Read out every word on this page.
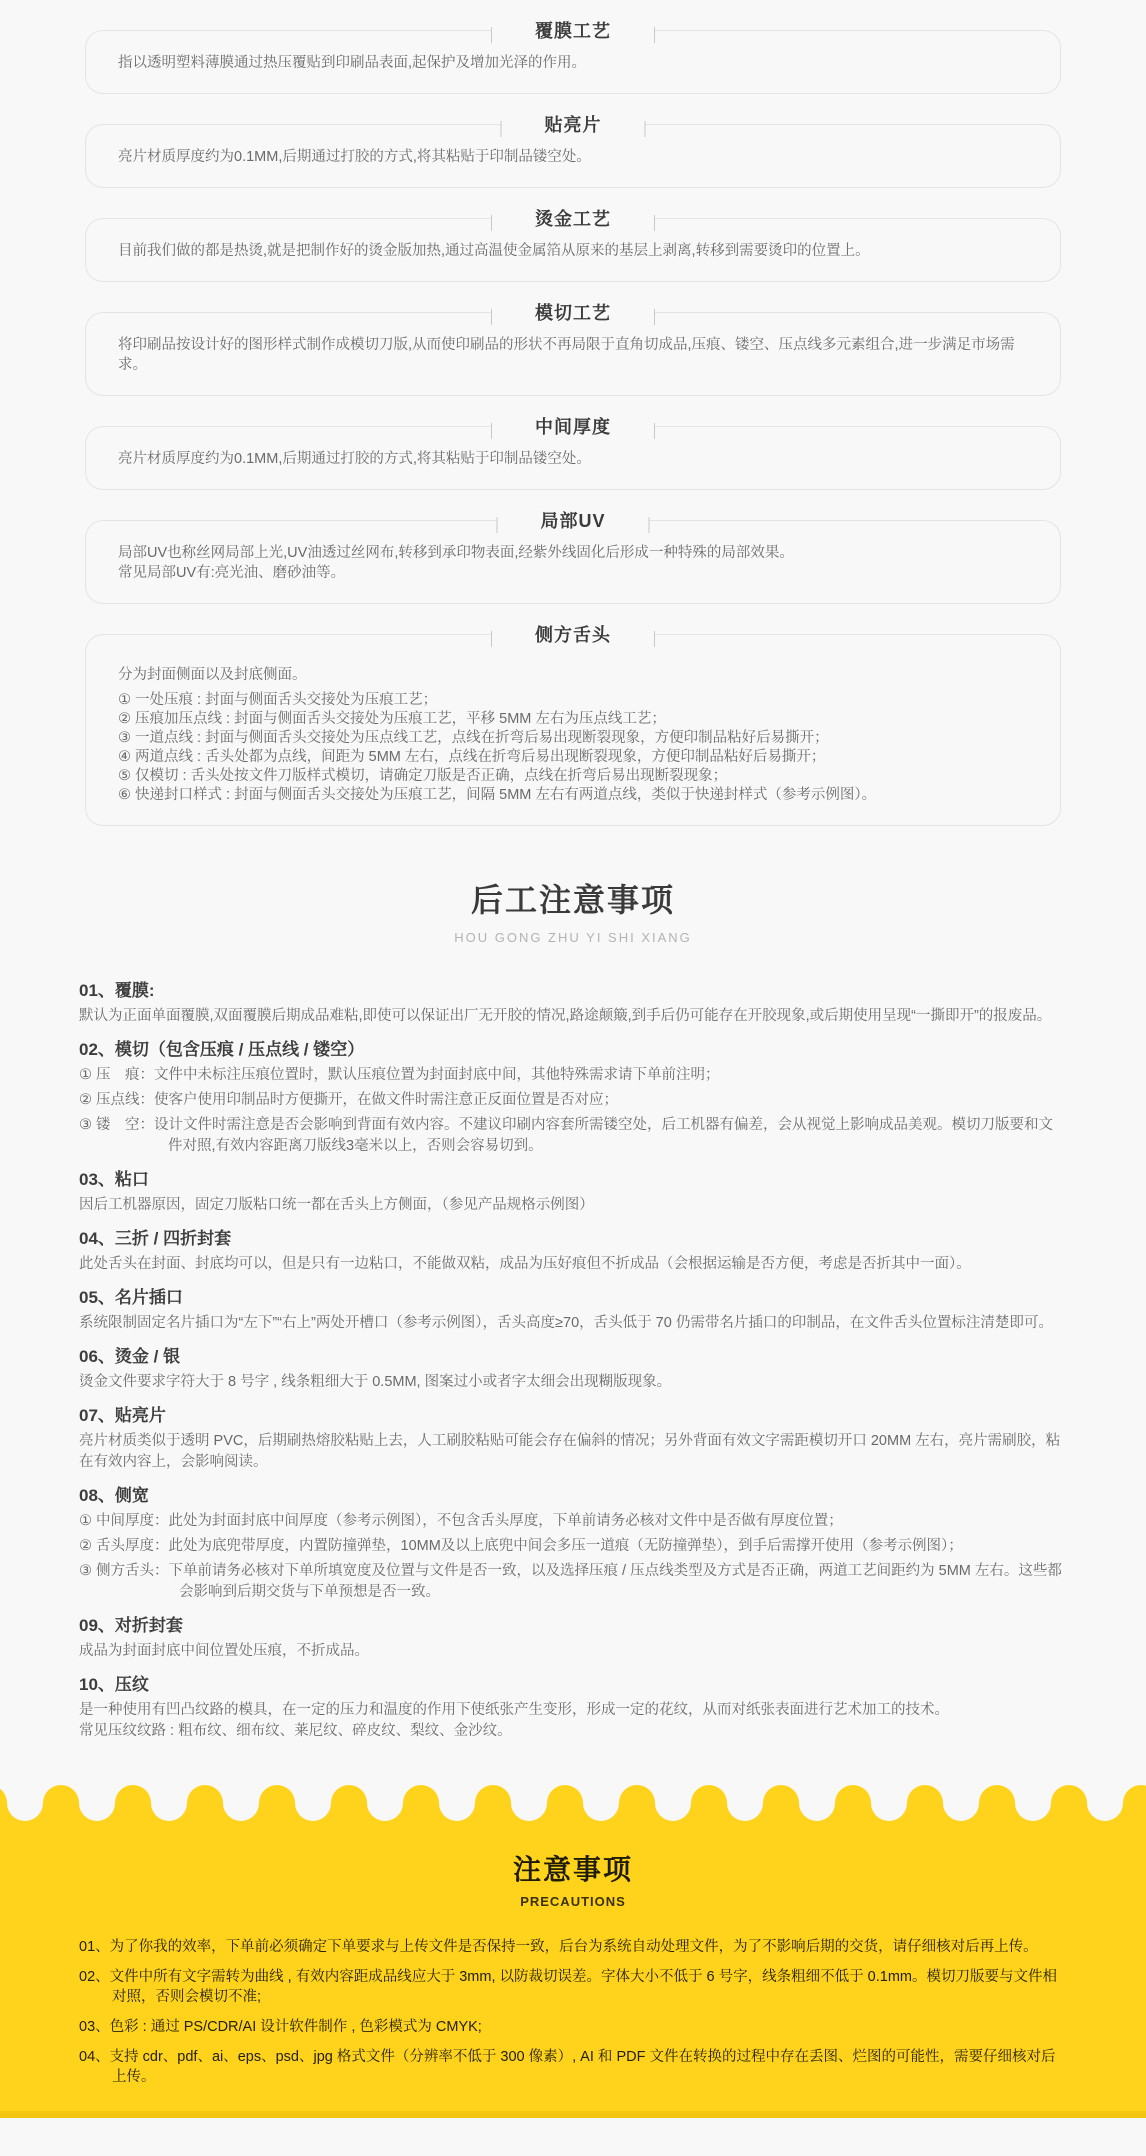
覆膜工艺

指以透明塑料薄膜通过热压覆贴到印刷品表面,起保护及增加光泽的作用。

贴亮片

亮片材质厚度约为0.1MM,后期通过打胶的方式,将其粘贴于印制品镂空处。

烫金工艺

目前我们做的都是热烫,就是把制作好的烫金版加热,通过高温使金属箔从原来的基层上剥离,转移到需要烫印的位置上。

模切工艺

将印刷品按设计好的图形样式制作成模切刀版,从而使印刷品的形状不再局限于直角切成品,压痕、镂空、压点线多元素组合,进一步满足市场需求。

中间厚度

亮片材质厚度约为0.1MM,后期通过打胶的方式,将其粘贴于印制品镂空处。

局部UV

局部UV也称丝网局部上光,UV油透过丝网布,转移到承印物表面,经紫外线固化后形成一种特殊的局部效果。

常见局部UV有:亮光油、磨砂油等。

侧方舌头

分为封面侧面以及封底侧面。

① 一处压痕 : 封面与侧面舌头交接处为压痕工艺；

② 压痕加压点线 : 封面与侧面舌头交接处为压痕工艺，平移 5MM 左右为压点线工艺；

③ 一道点线 : 封面与侧面舌头交接处为压点线工艺，点线在折弯后易出现断裂现象，方便印制品粘好后易撕开；

④ 两道点线 : 舌头处都为点线，间距为 5MM 左右，点线在折弯后易出现断裂现象，方便印制品粘好后易撕开；

⑤ 仅模切 : 舌头处按文件刀版样式模切，请确定刀版是否正确，点线在折弯后易出现断裂现象；

⑥ 快递封口样式 : 封面与侧面舌头交接处为压痕工艺，间隔 5MM 左右有两道点线，类似于快递封样式（参考示例图）。

后工注意事项

HOU GONG ZHU YI SHI XIANG

01、覆膜:

默认为正面单面覆膜,双面覆膜后期成品难粘,即使可以保证出厂无开胶的情况,路途颠簸,到手后仍可能存在开胶现象,或后期使用呈现“一撕即开”的报废品。

02、模切（包含压痕 / 压点线 / 镂空）

① 压　痕：文件中未标注压痕位置时，默认压痕位置为封面封底中间，其他特殊需求请下单前注明；

② 压点线：使客户使用印制品时方便撕开，在做文件时需注意正反面位置是否对应；

③ 镂　空：设计文件时需注意是否会影响到背面有效内容。不建议印刷内容套所需镂空处，后工机器有偏差，会从视觉上影响成品美观。模切刀版要和文件对照,有效内容距离刀版线3毫米以上，否则会容易切到。

03、粘口

因后工机器原因，固定刀版粘口统一都在舌头上方侧面，（参见产品规格示例图）

04、三折 / 四折封套

此处舌头在封面、封底均可以，但是只有一边粘口，不能做双粘，成品为压好痕但不折成品（会根据运输是否方便，考虑是否折其中一面）。

05、名片插口

系统限制固定名片插口为“左下”“右上”两处开槽口（参考示例图），舌头高度≥70，舌头低于 70 仍需带名片插口的印制品，在文件舌头位置标注清楚即可。

06、烫金 / 银

烫金文件要求字符大于 8 号字 , 线条粗细大于 0.5MM, 图案过小或者字太细会出现糊版现象。

07、贴亮片

亮片材质类似于透明 PVC，后期刷热熔胶粘贴上去，人工刷胶粘贴可能会存在偏斜的情况；另外背面有效文字需距模切开口 20MM 左右，亮片需刷胶，粘在有效内容上，会影响阅读。

08、侧宽

① 中间厚度：此处为封面封底中间厚度（参考示例图），不包含舌头厚度，下单前请务必核对文件中是否做有厚度位置；

② 舌头厚度：此处为底兜带厚度，内置防撞弹垫，10MM及以上底兜中间会多压一道痕（无防撞弹垫），到手后需撑开使用（参考示例图）；

③ 侧方舌头：下单前请务必核对下单所填宽度及位置与文件是否一致，以及选择压痕 / 压点线类型及方式是否正确，两道工艺间距约为 5MM 左右。这些都会影响到后期交货与下单预想是否一致。

09、对折封套

成品为封面封底中间位置处压痕，不折成品。

10、压纹

是一种使用有凹凸纹路的模具，在一定的压力和温度的作用下使纸张产生变形，形成一定的花纹，从而对纸张表面进行艺术加工的技术。

常见压纹纹路 : 粗布纹、细布纹、莱尼纹、碎皮纹、梨纹、金沙纹。

注意事项

PRECAUTIONS

01、为了你我的效率，下单前必须确定下单要求与上传文件是否保持一致，后台为系统自动处理文件，为了不影响后期的交货，请仔细核对后再上传。

02、文件中所有文字需转为曲线 , 有效内容距成品线应大于 3mm, 以防裁切误差。字体大小不低于 6 号字，线条粗细不低于 0.1mm。模切刀版要与文件相对照，否则会模切不准;

03、色彩 : 通过 PS/CDR/AI 设计软件制作 , 色彩模式为 CMYK;

04、支持 cdr、pdf、ai、eps、psd、jpg 格式文件（分辨率不低于 300 像素）, AI 和 PDF 文件在转换的过程中存在丢图、烂图的可能性，需要仔细核对后上传。
